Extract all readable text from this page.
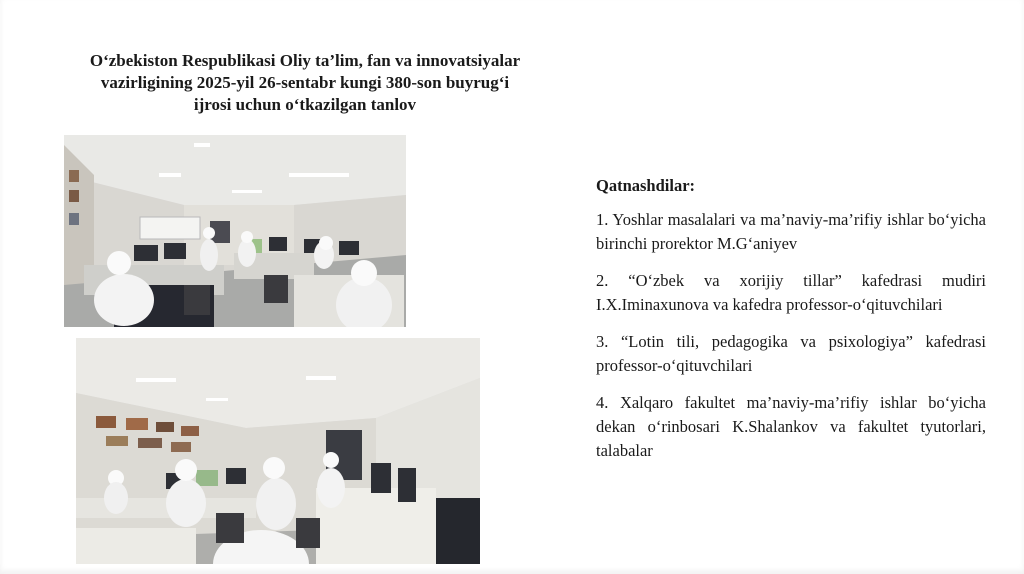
O‘zbekiston Respublikasi Oliy ta’lim, fan va innovatsiyalar
vazirligining 2025-yil 26-sentabr kungi 380-son buyrug‘i
ijrosi uchun o‘tkazilgan tanlov
Qatnashdilar:
1. Yoshlar masalalari va ma’naviy-ma’rifiy ishlar bo‘yicha birinchi prorektor M.G‘aniyev
2. “O‘zbek va xorijiy tillar” kafedrasi mudiri I.X.Iminaxunova va kafedra professor-o‘qituvchilari
3. “Lotin tili, pedagogika va psixologiya” kafedrasi professor-o‘qituvchilari
4. Xalqaro fakultet ma’naviy-ma’rifiy ishlar bo‘yicha dekan o‘rinbosari K.Shalankov va fakultet tyutorlari, talabalar
